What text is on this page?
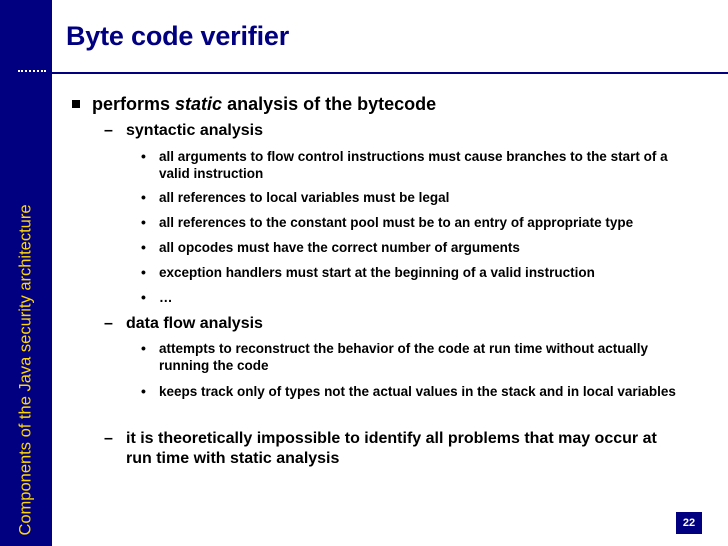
Components of the Java security architecture
Byte code verifier
performs static analysis of the bytecode
– syntactic analysis
• all arguments to flow control instructions must cause branches to the start of a valid instruction
• all references to local variables must be legal
• all references to the constant pool must be to an entry of appropriate type
• all opcodes must have the correct number of arguments
• exception handlers must start at the beginning of a valid instruction
• …
– data flow analysis
• attempts to reconstruct the behavior of the code at run time without actually running the code
• keeps track only of types not the actual values in the stack and in local variables
– it is theoretically impossible to identify all problems that may occur at run time with static analysis
22
